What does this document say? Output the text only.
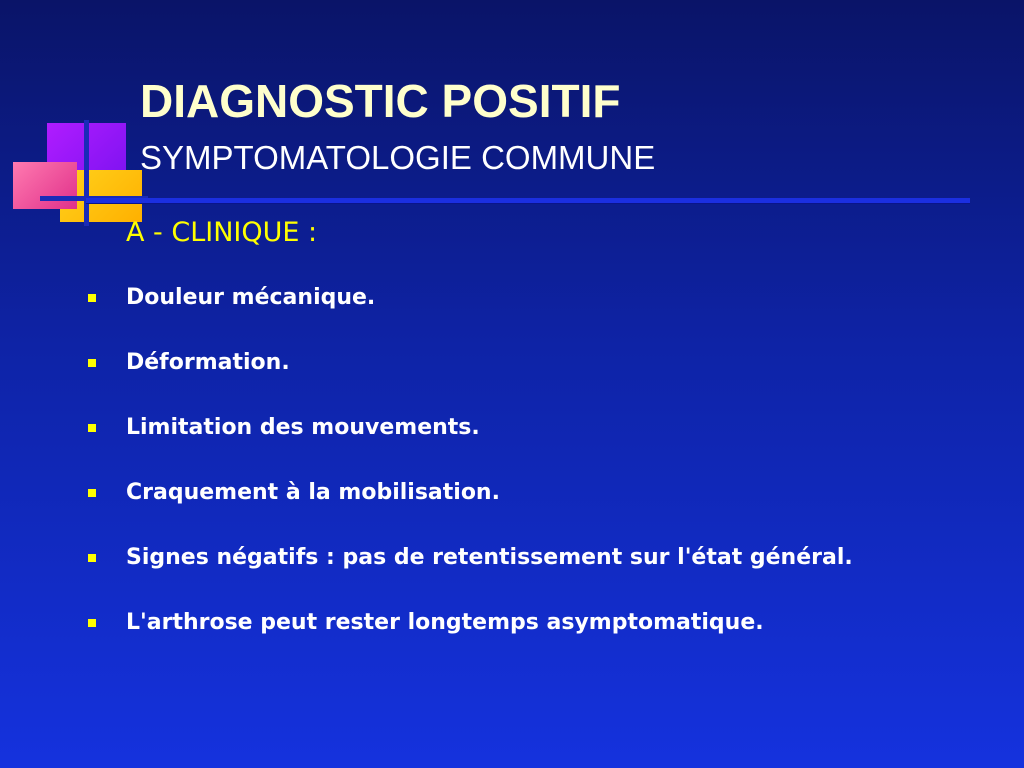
DIAGNOSTIC POSITIF
SYMPTOMATOLOGIE COMMUNE
A - CLINIQUE :
Douleur mécanique.
Déformation.
Limitation des mouvements.
Craquement à la mobilisation.
Signes négatifs : pas de retentissement sur l'état général.
L'arthrose peut rester longtemps asymptomatique.
